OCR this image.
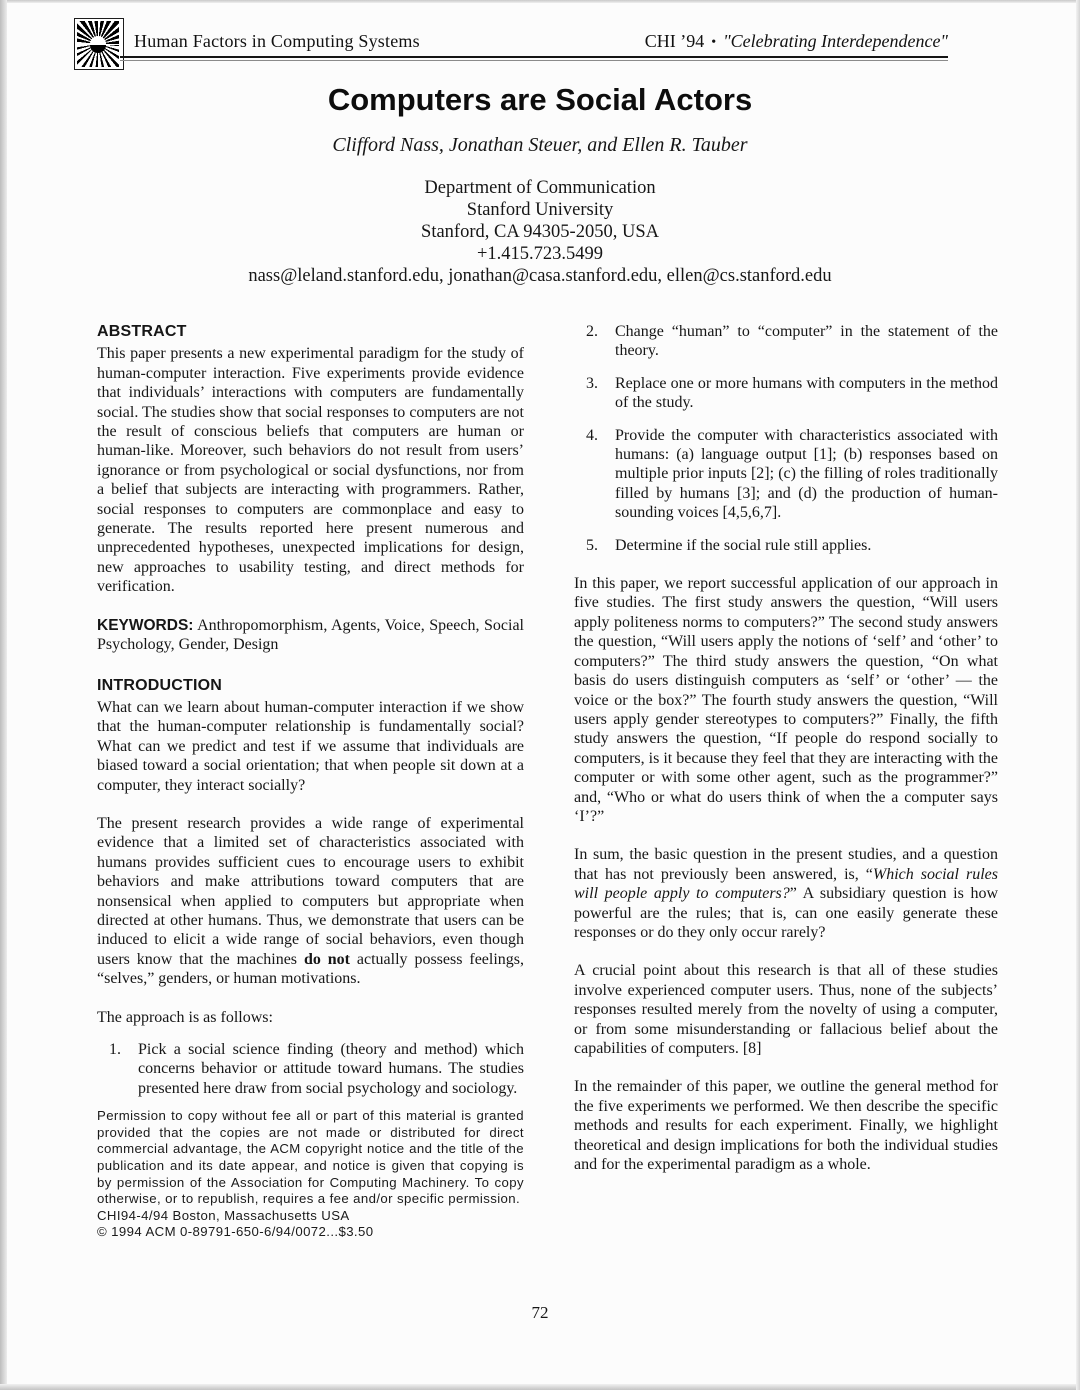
Human Factors in Computing Systems	CHI ’94 • "Celebrating Interdependence"
Computers are Social Actors
Clifford Nass, Jonathan Steuer, and Ellen R. Tauber
Department of Communication
Stanford University
Stanford, CA 94305-2050, USA
+1.415.723.5499
nass@leland.stanford.edu, jonathan@casa.stanford.edu, ellen@cs.stanford.edu
ABSTRACT

This paper presents a new experimental paradigm for the study of human-computer interaction. Five experiments provide evidence that individuals’ interactions with computers are fundamentally social. The studies show that social responses to computers are not the result of conscious beliefs that computers are human or human-like. Moreover, such behaviors do not result from users’ ignorance or from psychological or social dysfunctions, nor from a belief that subjects are interacting with programmers. Rather, social responses to computers are commonplace and easy to generate. The results reported here present numerous and unprecedented hypotheses, unexpected implications for design, new approaches to usability testing, and direct methods for verification.

KEYWORDS: Anthropomorphism, Agents, Voice, Speech, Social Psychology, Gender, Design

INTRODUCTION

What can we learn about human-computer interaction if we show that the human-computer relationship is fundamentally social? What can we predict and test if we assume that individuals are biased toward a social orientation; that when people sit down at a computer, they interact socially?

The present research provides a wide range of experimental evidence that a limited set of characteristics associated with humans provides sufficient cues to encourage users to exhibit behaviors and make attributions toward computers that are nonsensical when applied to computers but appropriate when directed at other humans. Thus, we demonstrate that users can be induced to elicit a wide range of social behaviors, even though users know that the machines do not actually possess feelings, “selves,” genders, or human motivations.

The approach is as follows:

1.	Pick a social science finding (theory and method) which concerns behavior or attitude toward humans. The studies presented here draw from social psychology and sociology.

Permission to copy without fee all or part of this material is granted provided that the copies are not made or distributed for direct commercial advantage, the ACM copyright notice and the title of the publication and its date appear, and notice is given that copying is by permission of the Association for Computing Machinery. To copy otherwise, or to republish, requires a fee and/or specific permission.

CHI94-4/94 Boston, Massachusetts USA

© 1994 ACM 0-89791-650-6/94/0072...$3.50

2.	Change “human” to “computer” in the statement of the theory.
3.	Replace one or more humans with computers in the method of the study.
4.	Provide the computer with characteristics associated with humans: (a) language output [1]; (b) responses based on multiple prior inputs [2]; (c) the filling of roles traditionally filled by humans [3]; and (d) the production of human-sounding voices [4,5,6,7].
5.	Determine if the social rule still applies.

In this paper, we report successful application of our approach in five studies. The first study answers the question, “Will users apply politeness norms to computers?” The second study answers the question, “Will users apply the notions of ‘self’ and ‘other’ to computers?” The third study answers the question, “On what basis do users distinguish computers as ‘self’ or ‘other’ — the voice or the box?” The fourth study answers the question, “Will users apply gender stereotypes to computers?” Finally, the fifth study answers the question, “If people do respond socially to computers, is it because they feel that they are interacting with the computer or with some other agent, such as the programmer?” and, “Who or what do users think of when the a computer says ‘I’?”

In sum, the basic question in the present studies, and a question that has not previously been answered, is, “Which social rules will people apply to computers?” A subsidiary question is how powerful are the rules; that is, can one easily generate these responses or do they only occur rarely?

A crucial point about this research is that all of these studies involve experienced computer users. Thus, none of the subjects’ responses resulted merely from the novelty of using a computer, or from some misunderstanding or fallacious belief about the capabilities of computers. [8]

In the remainder of this paper, we outline the general method for the five experiments we performed. We then describe the specific methods and results for each experiment. Finally, we highlight theoretical and design implications for both the individual studies and for the experimental paradigm as a whole.

72
